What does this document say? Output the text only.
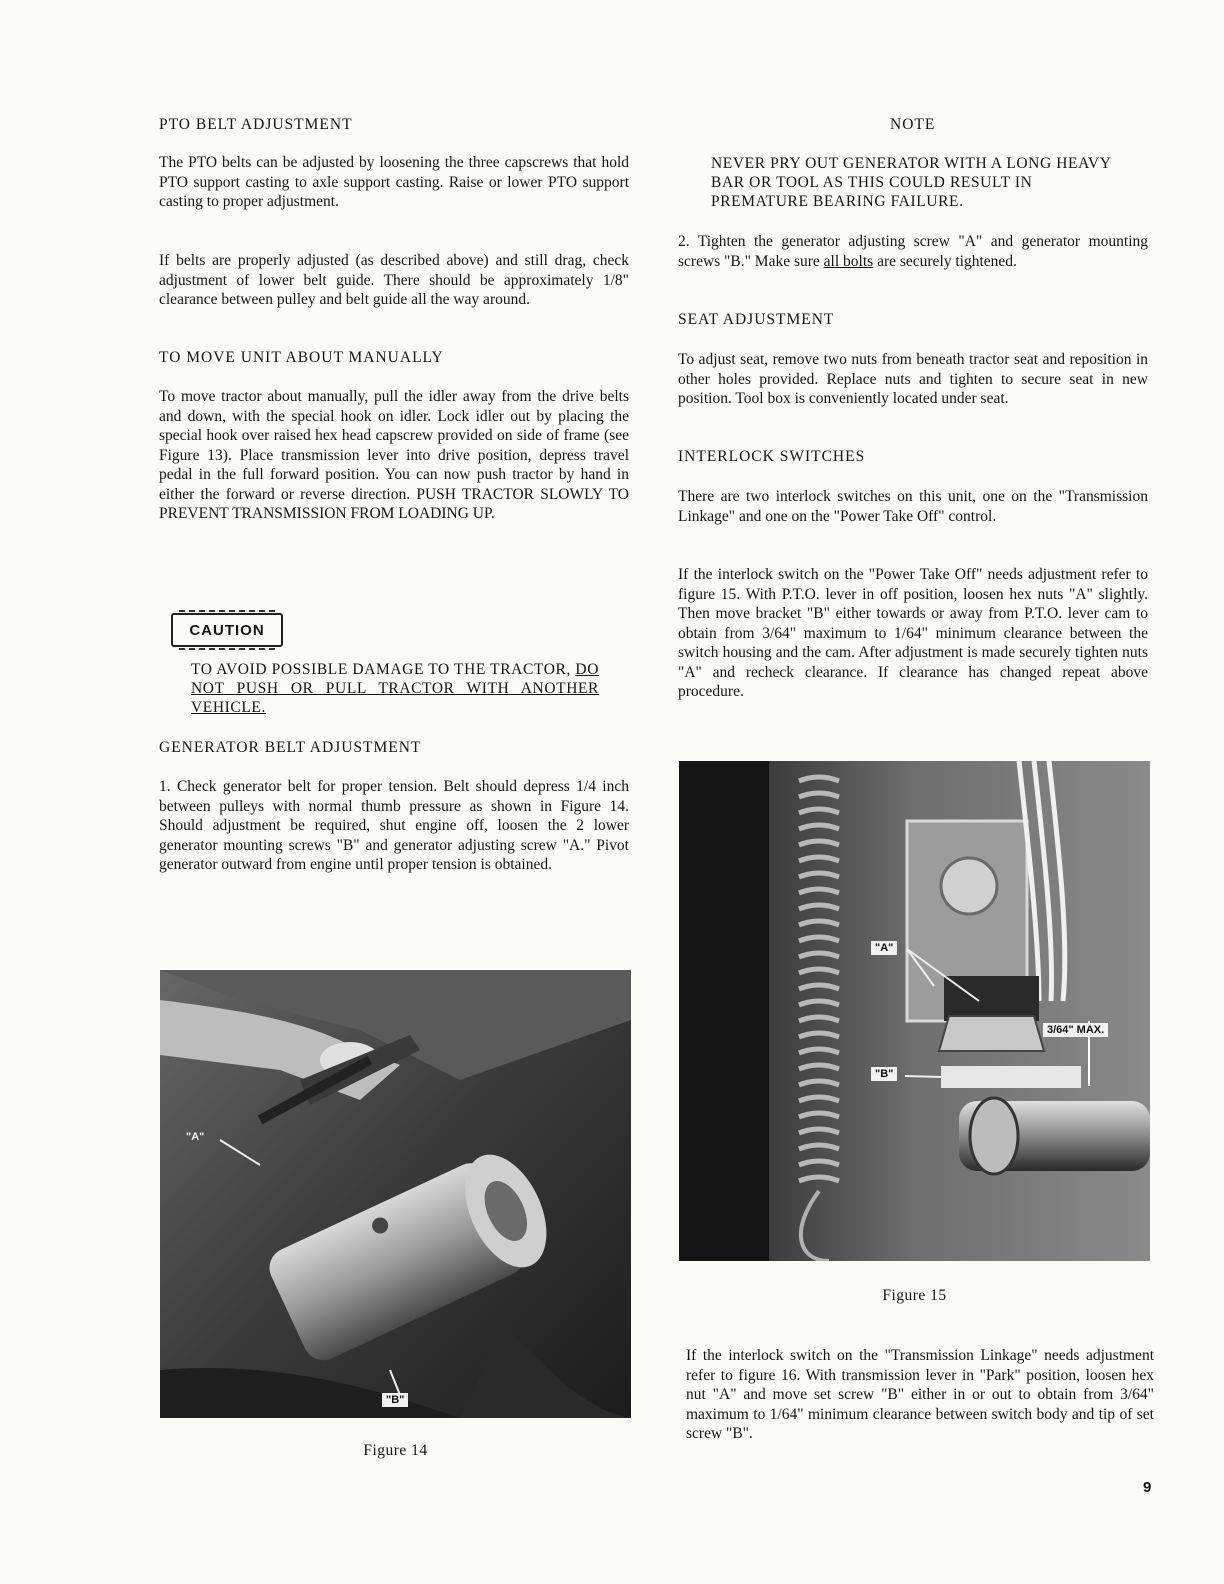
PTO BELT ADJUSTMENT

The PTO belts can be adjusted by loosening the three capscrews that hold PTO support casting to axle support casting. Raise or lower PTO support casting to proper adjustment.

If belts are properly adjusted (as described above) and still drag, check adjustment of lower belt guide. There should be approximately 1/8" clearance between pulley and belt guide all the way around.

TO MOVE UNIT ABOUT MANUALLY

To move tractor about manually, pull the idler away from the drive belts and down, with the special hook on idler. Lock idler out by placing the special hook over raised hex head capscrew provided on side of frame (see Figure 13). Place transmission lever into drive position, depress travel pedal in the full forward position. You can now push tractor by hand in either the forward or reverse direction. PUSH TRACTOR SLOWLY TO PREVENT TRANSMISSION FROM LOADING UP.

CAUTION

TO AVOID POSSIBLE DAMAGE TO THE TRACTOR, DO NOT PUSH OR PULL TRACTOR WITH ANOTHER VEHICLE.

GENERATOR BELT ADJUSTMENT

1. Check generator belt for proper tension. Belt should depress 1/4 inch between pulleys with normal thumb pressure as shown in Figure 14. Should adjustment be required, shut engine off, loosen the 2 lower generator mounting screws "B" and generator adjusting screw "A." Pivot generator outward from engine until proper tension is obtained.

"A"
"B"
Figure 14
NOTE

NEVER PRY OUT GENERATOR WITH A LONG HEAVY BAR OR TOOL AS THIS COULD RESULT IN PREMATURE BEARING FAILURE.

2. Tighten the generator adjusting screw "A" and generator mounting screws "B." Make sure all bolts are securely tightened.

SEAT ADJUSTMENT

To adjust seat, remove two nuts from beneath tractor seat and reposition in other holes provided. Replace nuts and tighten to secure seat in new position. Tool box is conveniently located under seat.

INTERLOCK SWITCHES

There are two interlock switches on this unit, one on the "Transmission Linkage" and one on the "Power Take Off" control.

If the interlock switch on the "Power Take Off" needs adjustment refer to figure 15. With P.T.O. lever in off position, loosen hex nuts "A" slightly. Then move bracket "B" either towards or away from P.T.O. lever cam to obtain from 3/64" maximum to 1/64" minimum clearance between the switch housing and the cam. After adjustment is made securely tighten nuts "A" and recheck clearance. If clearance has changed repeat above procedure.

"A"
"B"
3/64" MAX.
Figure 15

If the interlock switch on the "Transmission Linkage" needs adjustment refer to figure 16. With transmission lever in "Park" position, loosen hex nut "A" and move set screw "B" either in or out to obtain from 3/64" maximum to 1/64" minimum clearance between switch body and tip of set screw "B".

9
